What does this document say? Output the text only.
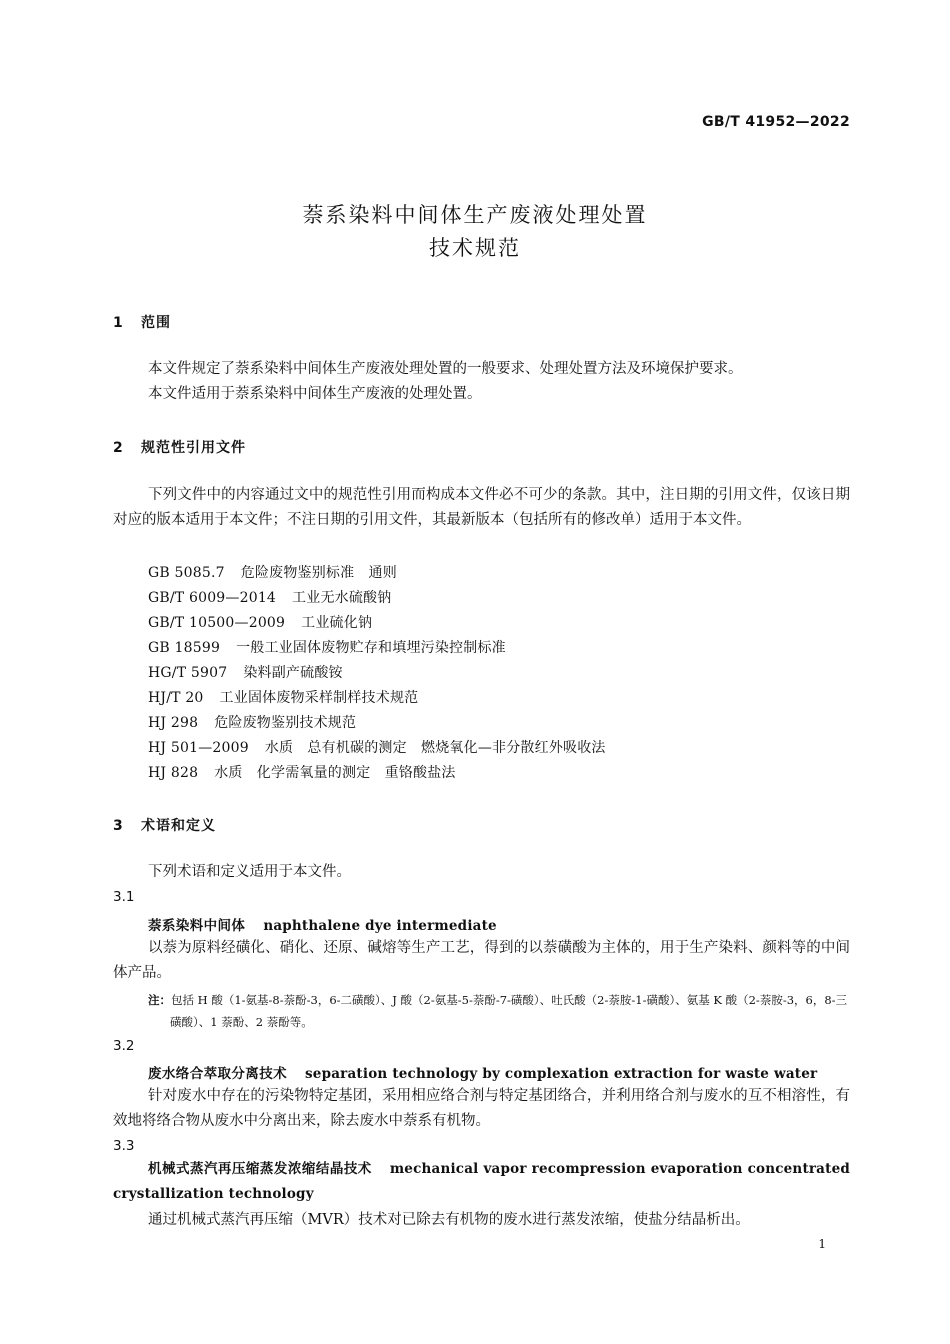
GB/T 41952—2022
萘系染料中间体生产废液处理处置
技术规范
1 范围
本文件规定了萘系染料中间体生产废液处理处置的一般要求、处理处置方法及环境保护要求。
本文件适用于萘系染料中间体生产废液的处理处置。
2 规范性引用文件
下列文件中的内容通过文中的规范性引用而构成本文件必不可少的条款。其中，注日期的引用文件，仅该日期对应的版本适用于本文件；不注日期的引用文件，其最新版本（包括所有的修改单）适用于本文件。
GB 5085.7 危险废物鉴别标准　通则
GB/T 6009—2014 工业无水硫酸钠
GB/T 10500—2009 工业硫化钠
GB 18599 一般工业固体废物贮存和填埋污染控制标准
HG/T 5907 染料副产硫酸铵
HJ/T 20 工业固体废物采样制样技术规范
HJ 298 危险废物鉴别技术规范
HJ 501—2009 水质　总有机碳的测定　燃烧氧化—非分散红外吸收法
HJ 828 水质　化学需氧量的测定　重铬酸盐法
3 术语和定义
下列术语和定义适用于本文件。
3.1
萘系染料中间体 naphthalene dye intermediate
以萘为原料经磺化、硝化、还原、碱熔等生产工艺，得到的以萘磺酸为主体的，用于生产染料、颜料等的中间体产品。
注：包括 H 酸（1-氨基-8-萘酚-3，6-二磺酸）、J 酸（2-氨基-5-萘酚-7-磺酸）、吐氏酸（2-萘胺-1-磺酸）、氨基 K 酸（2-萘胺-3，6，8-三磺酸）、1 萘酚、2 萘酚等。
3.2
废水络合萃取分离技术 separation technology by complexation extraction for waste water
针对废水中存在的污染物特定基团，采用相应络合剂与特定基团络合，并利用络合剂与废水的互不相溶性，有效地将络合物从废水中分离出来，除去废水中萘系有机物。
3.3
机械式蒸汽再压缩蒸发浓缩结晶技术 mechanical vapor recompression evaporation concentrated crystallization technology
通过机械式蒸汽再压缩（MVR）技术对已除去有机物的废水进行蒸发浓缩，使盐分结晶析出。
1
